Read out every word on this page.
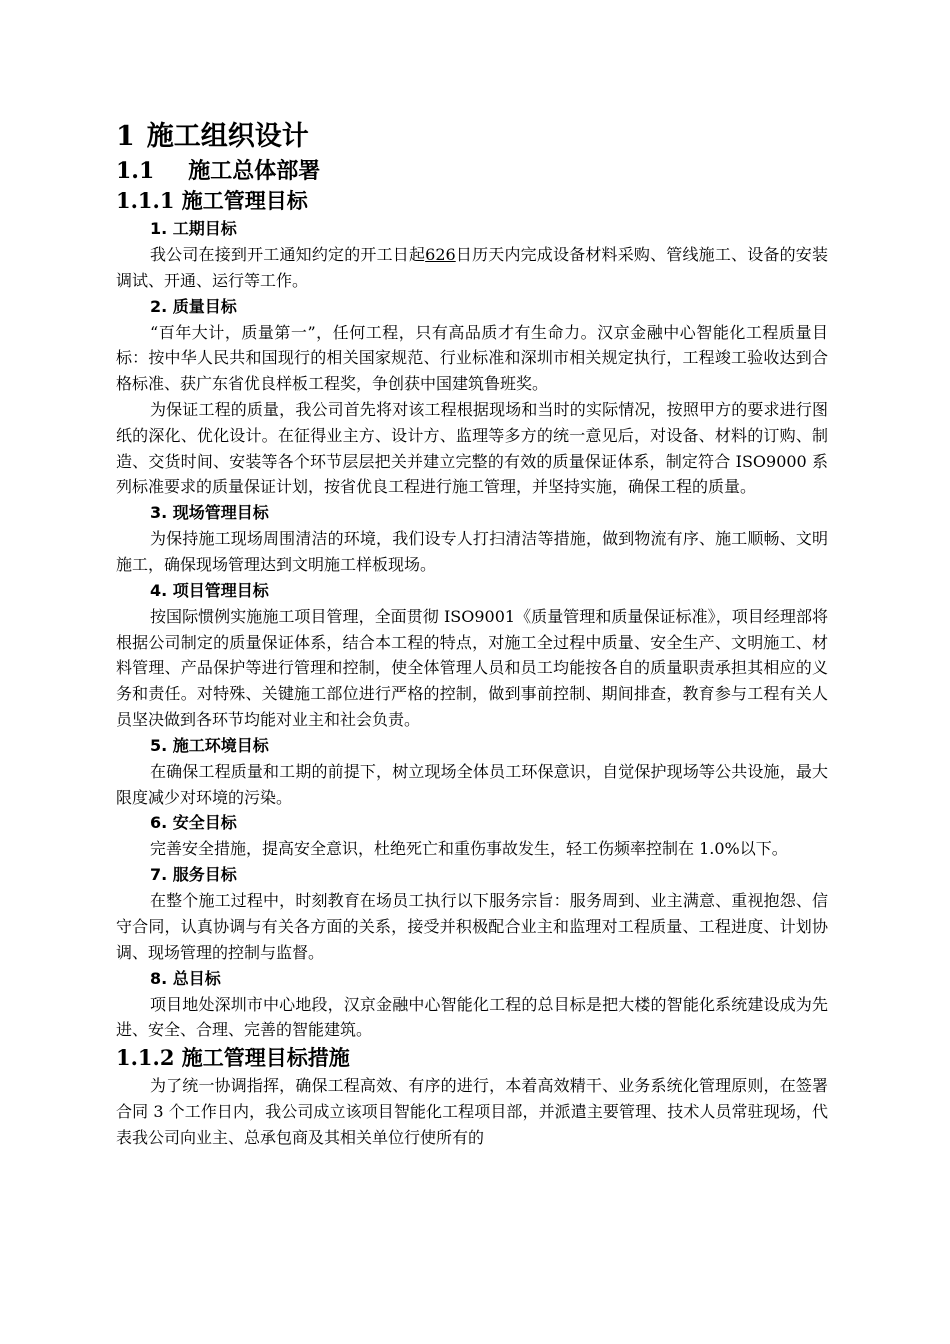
1 施工组织设计
1.1 施工总体部署
1.1.1 施工管理目标
1. 工期目标

我公司在接到开工通知约定的开工日起626日历天内完成设备材料采购、管线施工、设备的安装调试、开通、运行等工作。

2. 质量目标

“百年大计，质量第一”，任何工程，只有高品质才有生命力。汉京金融中心智能化工程质量目标：按中华人民共和国现行的相关国家规范、行业标准和深圳市相关规定执行，工程竣工验收达到合格标准、获广东省优良样板工程奖，争创获中国建筑鲁班奖。

为保证工程的质量，我公司首先将对该工程根据现场和当时的实际情况，按照甲方的要求进行图纸的深化、优化设计。在征得业主方、设计方、监理等多方的统一意见后，对设备、材料的订购、制造、交货时间、安装等各个环节层层把关并建立完整的有效的质量保证体系，制定符合 ISO9000 系列标准要求的质量保证计划，按省优良工程进行施工管理，并坚持实施，确保工程的质量。

3. 现场管理目标

为保持施工现场周围清洁的环境，我们设专人打扫清洁等措施，做到物流有序、施工顺畅、文明施工，确保现场管理达到文明施工样板现场。

4. 项目管理目标

按国际惯例实施施工项目管理，全面贯彻 ISO9001《质量管理和质量保证标准》，项目经理部将根据公司制定的质量保证体系，结合本工程的特点，对施工全过程中质量、安全生产、文明施工、材料管理、产品保护等进行管理和控制，使全体管理人员和员工均能按各自的质量职责承担其相应的义务和责任。对特殊、关键施工部位进行严格的控制，做到事前控制、期间排查，教育参与工程有关人员坚决做到各环节均能对业主和社会负责。

5. 施工环境目标

在确保工程质量和工期的前提下，树立现场全体员工环保意识，自觉保护现场等公共设施，最大限度减少对环境的污染。

6. 安全目标

完善安全措施，提高安全意识，杜绝死亡和重伤事故发生，轻工伤频率控制在 1.0%以下。

7. 服务目标

在整个施工过程中，时刻教育在场员工执行以下服务宗旨：服务周到、业主满意、重视抱怨、信守合同，认真协调与有关各方面的关系，接受并积极配合业主和监理对工程质量、工程进度、计划协调、现场管理的控制与监督。

8. 总目标

项目地处深圳市中心地段，汉京金融中心智能化工程的总目标是把大楼的智能化系统建设成为先进、安全、合理、完善的智能建筑。

1.1.2 施工管理目标措施

为了统一协调指挥，确保工程高效、有序的进行，本着高效精干、业务系统化管理原则，在签署合同 3 个工作日内，我公司成立该项目智能化工程项目部，并派遣主要管理、技术人员常驻现场，代表我公司向业主、总承包商及其相关单位行使所有的
